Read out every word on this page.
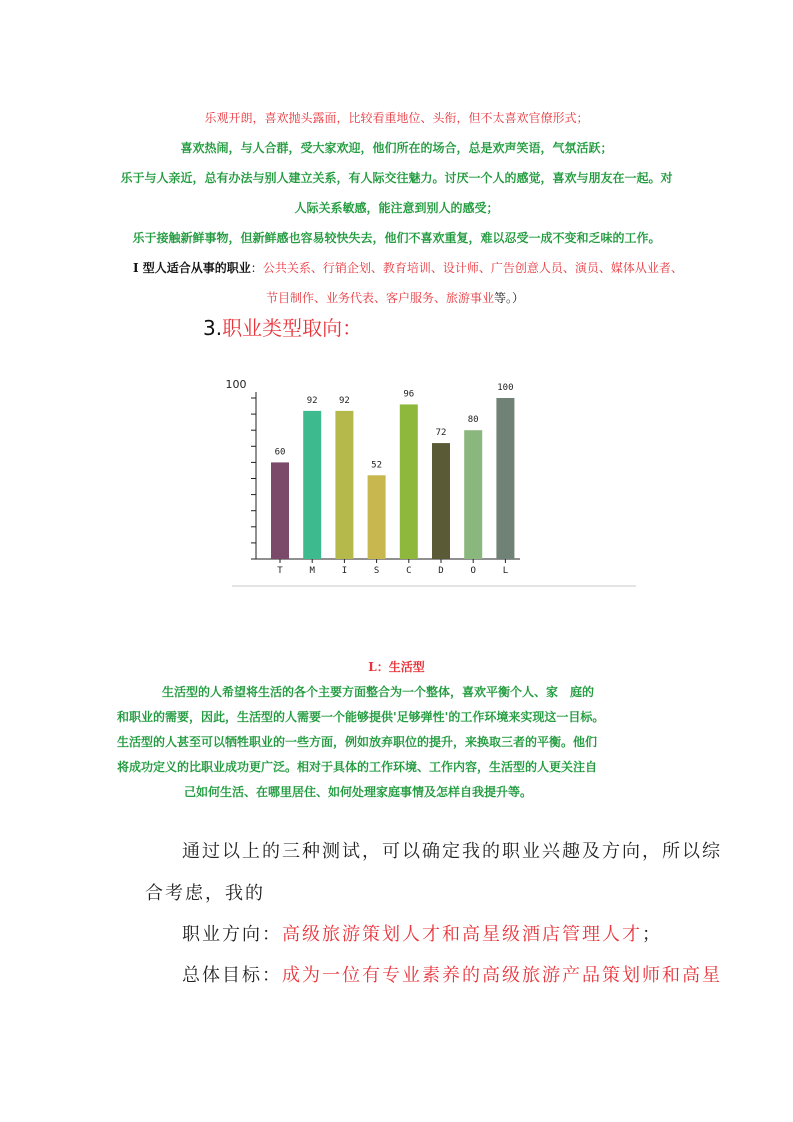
乐观开朗，喜欢抛头露面，比较看重地位、头衔，但不太喜欢官僚形式；
喜欢热闹，与人合群，受大家欢迎，他们所在的场合，总是欢声笑语，气氛活跃；
乐于与人亲近，总有办法与别人建立关系，有人际交往魅力。讨厌一个人的感觉，喜欢与朋友在一起。对
人际关系敏感，能注意到别人的感受；
乐于接触新鲜事物，但新鲜感也容易较快失去，他们不喜欢重复，难以忍受一成不变和乏味的工作。
I 型人适合从事的职业：公共关系、行销企划、教育培训、设计师、广告创意人员、演员、媒体从业者、
节目制作、业务代表、客户服务、旅游事业等。）
3.职业类型取向：
100
60
T
92
M
92
I
52
S
96
C
72
D
80
O
100
L
L：生活型
生活型的人希望将生活的各个主要方面整合为一个整体，喜欢平衡个人、家　庭的
和职业的需要，因此，生活型的人需要一个能够提供'足够弹性'的工作环境来实现这一目标。
生活型的人甚至可以牺牲职业的一些方面，例如放弃职位的提升，来换取三者的平衡。他们
将成功定义的比职业成功更广泛。相对于具体的工作环境、工作内容，生活型的人更关注自
己如何生活、在哪里居住、如何处理家庭事情及怎样自我提升等。
通过以上的三种测试，可以确定我的职业兴趣及方向，所以综
合考虑，我的
职业方向：高级旅游策划人才和高星级酒店管理人才；
总体目标：成为一位有专业素养的高级旅游产品策划师和高星
